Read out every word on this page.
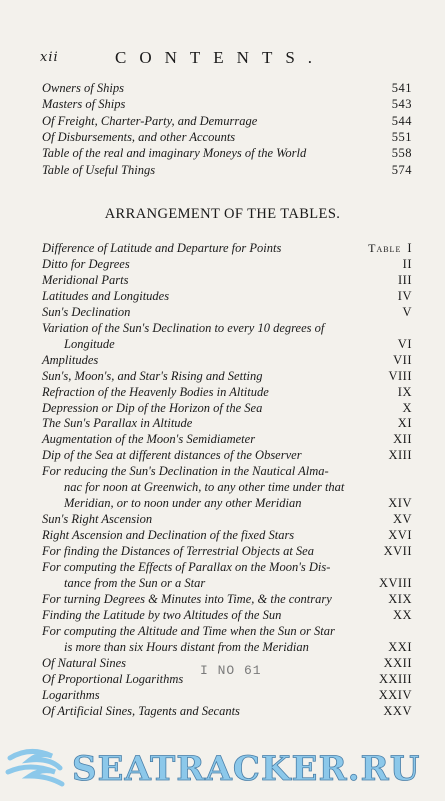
xii	CONTENTS.
Owners of Ships	541
Masters of Ships	543
Of Freight, Charter-Party, and Demurrage	544
Of Disbursements, and other Accounts	551
Table of the real and imaginary Moneys of the World	558
Table of Useful Things	574
ARRANGEMENT OF THE TABLES.
Difference of Latitude and Departure for Points	Table I
Ditto for Degrees	II
Meridional Parts	III
Latitudes and Longitudes	IV
Sun's Declination	V
Variation of the Sun's Declination to every 10 degrees of
Longitude	VI
Amplitudes	VII
Sun's, Moon's, and Star's Rising and Setting	VIII
Refraction of the Heavenly Bodies in Altitude	IX
Depression or Dip of the Horizon of the Sea	X
The Sun's Parallax in Altitude	XI
Augmentation of the Moon's Semidiameter	XII
Dip of the Sea at different distances of the Observer	XIII
For reducing the Sun's Declination in the Nautical Alma-
nac for noon at Greenwich, to any other time under that
Meridian, or to noon under any other Meridian	XIV
Sun's Right Ascension	XV
Right Ascension and Declination of the fixed Stars	XVI
For finding the Distances of Terrestrial Objects at Sea	XVII
For computing the Effects of Parallax on the Moon's Dis-
tance from the Sun or a Star	XVIII
For turning Degrees & Minutes into Time, & the contrary	XIX
Finding the Latitude by two Altitudes of the Sun	XX
For computing the Altitude and Time when the Sun or Star
is more than six Hours distant from the Meridian	XXI
Of Natural Sines	XXII
Of Proportional Logarithms	XXIII
Logarithms	XXIV
Of Artificial Sines, Tagents and Secants	XXV
I NO 61
SEATRACKER.RU
